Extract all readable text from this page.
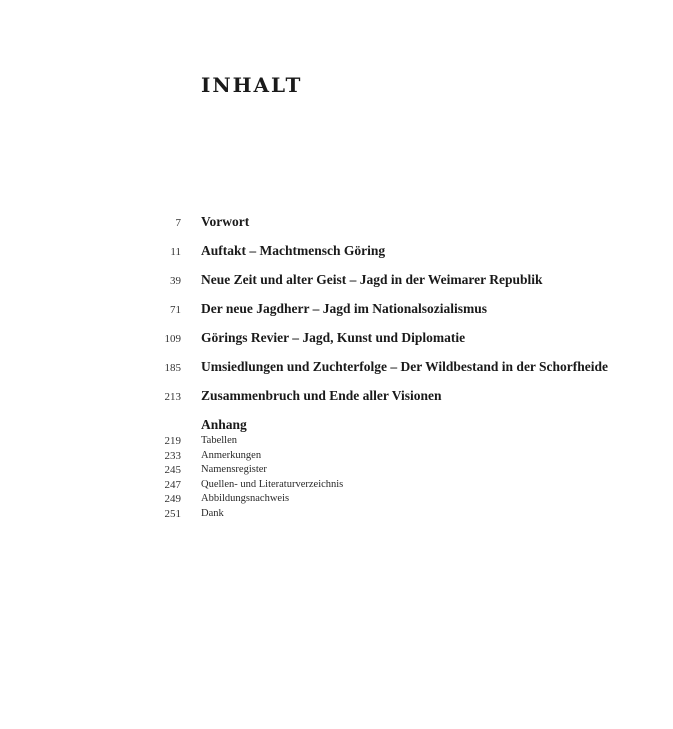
INHALT
7 Vorwort
11 Auftakt – Machtmensch Göring
39 Neue Zeit und alter Geist – Jagd in der Weimarer Republik
71 Der neue Jagdherr – Jagd im Nationalsozialismus
109 Görings Revier – Jagd, Kunst und Diplomatie
185 Umsiedlungen und Zuchterfolge – Der Wildbestand in der Schorfheide
213 Zusammenbruch und Ende aller Visionen
Anhang
219 Tabellen
233 Anmerkungen
245 Namensregister
247 Quellen- und Literaturverzeichnis
249 Abbildungsnachweis
251 Dank
